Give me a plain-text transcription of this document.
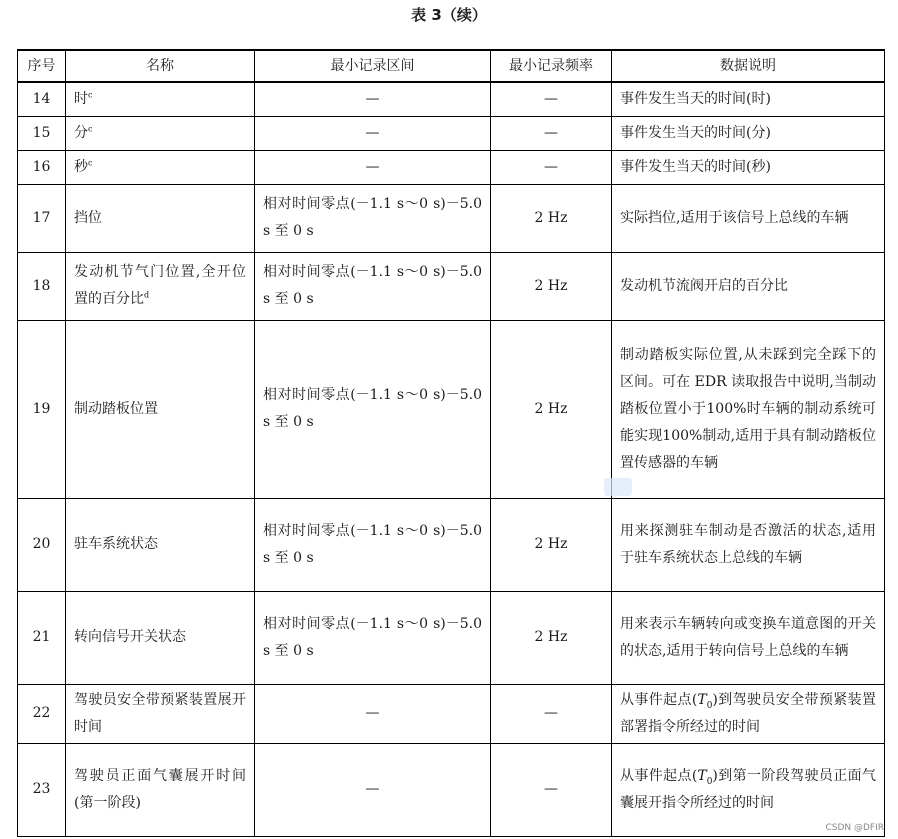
表 3（续）
序号	名称	最小记录区间	最小记录频率	数据说明
14	时$^c$	—	—	事件发生当天的时间(时)
15	分$^c$	—	—	事件发生当天的时间(分)
16	秒$^c$	—	—	事件发生当天的时间(秒)
17	挡位	相对时间零点(－1.1 s～0 s)－5.0 s 至 0 s	2 Hz	实际挡位,适用于该信号上总线的车辆
18	发动机节气门位置,全开位置的百分比$^d$	相对时间零点(－1.1 s～0 s)－5.0 s 至 0 s	2 Hz	发动机节流阀开启的百分比
19	制动踏板位置	相对时间零点(－1.1 s～0 s)－5.0 s 至 0 s	2 Hz	制动踏板实际位置,从未踩到完全踩下的区间。可在 EDR 读取报告中说明,当制动踏板位置小于100%时车辆的制动系统可能实现100%制动,适用于具有制动踏板位置传感器的车辆
20	驻车系统状态	相对时间零点(－1.1 s～0 s)－5.0 s 至 0 s	2 Hz	用来探测驻车制动是否激活的状态,适用于驻车系统状态上总线的车辆
21	转向信号开关状态	相对时间零点(－1.1 s～0 s)－5.0 s 至 0 s	2 Hz	用来表示车辆转向或变换车道意图的开关的状态,适用于转向信号上总线的车辆
22	驾驶员安全带预紧装置展开时间	—	—	从事件起点$(T_0)$到驾驶员安全带预紧装置部署指令所经过的时间
23	驾驶员正面气囊展开时间(第一阶段)	—	—	从事件起点$(T_0)$到第一阶段驾驶员正面气囊展开指令所经过的时间
CSDN @DFIR
